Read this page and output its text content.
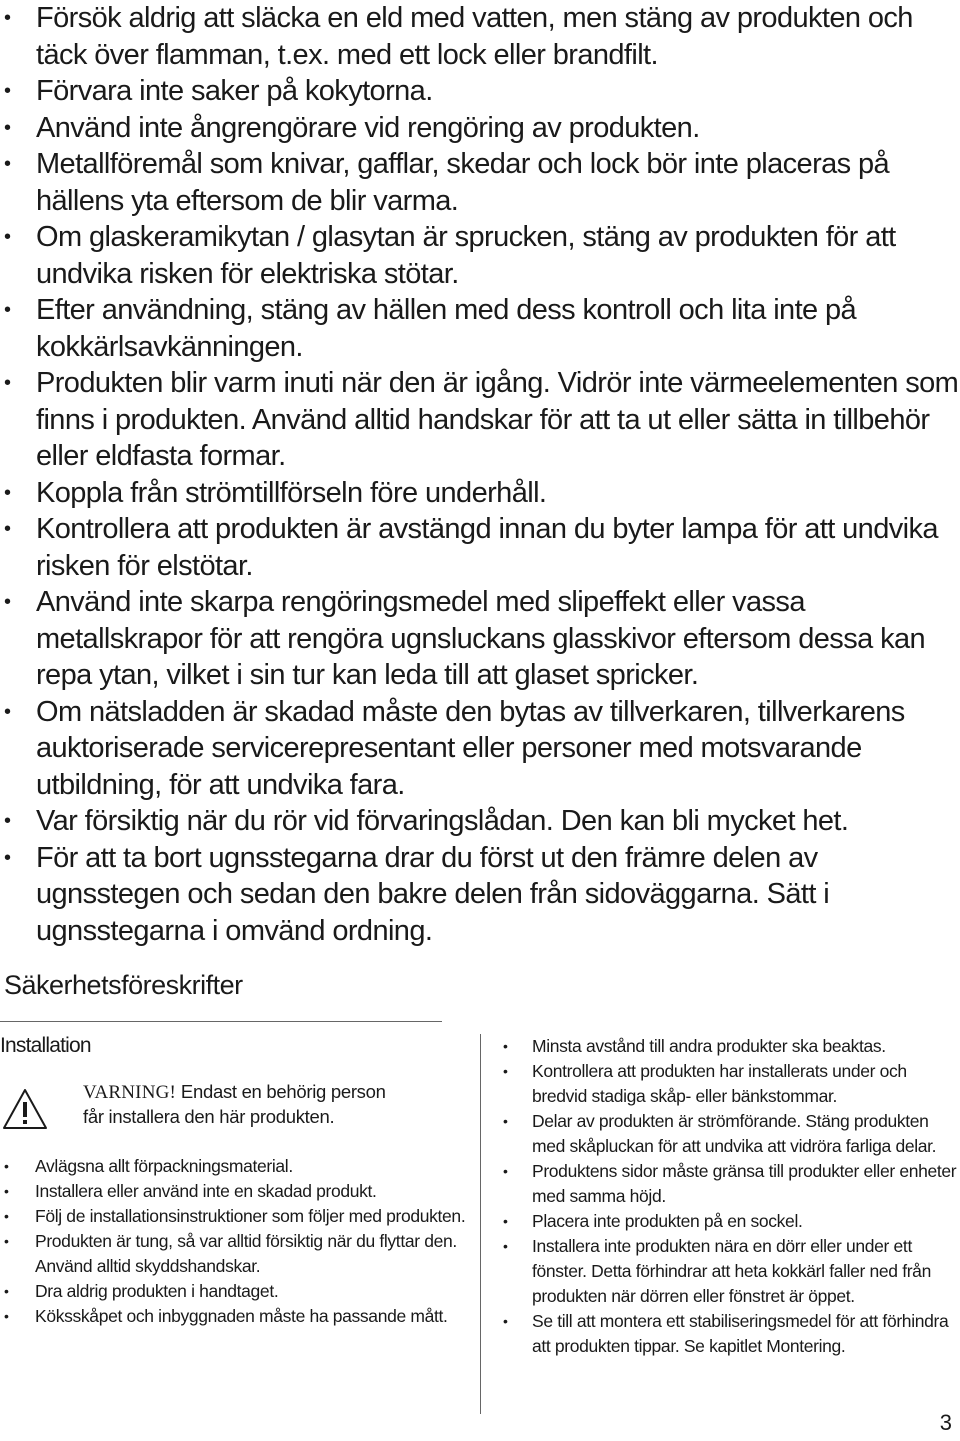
• Försök aldrig att släcka en eld med vatten, men stäng av produkten och täck över flamman, t.ex. med ett lock eller brandfilt.
• Förvara inte saker på kokytorna.
• Använd inte ångrengörare vid rengöring av produkten.
• Metallföremål som knivar, gafflar, skedar och lock bör inte placeras på hällens yta eftersom de blir varma.
• Om glaskeramikytan / glasytan är sprucken, stäng av produkten för att undvika risken för elektriska stötar.
• Efter användning, stäng av hällen med dess kontroll och lita inte på kokkärlsavkänningen.
• Produkten blir varm inuti när den är igång. Vidrör inte värmeelementen som finns i produkten. Använd alltid handskar för att ta ut eller sätta in tillbehör eller eldfasta formar.
• Koppla från strömtillförseln före underhåll.
• Kontrollera att produkten är avstängd innan du byter lampa för att undvika risken för elstötar.
• Använd inte skarpa rengöringsmedel med slipeffekt eller vassa metallskrapor för att rengöra ugnsluckans glasskivor eftersom dessa kan repa ytan, vilket i sin tur kan leda till att glaset spricker.
• Om nätsladden är skadad måste den bytas av tillverkaren, tillverkarens auktoriserade servicerepresentant eller personer med motsvarande utbildning, för att undvika fara.
• Var försiktig när du rör vid förvaringslådan. Den kan bli mycket het.
• För att ta bort ugnsstegarna drar du först ut den främre delen av ugnsstegen och sedan den bakre delen från sidoväggarna. Sätt i ugnsstegarna i omvänd ordning.
Säkerhetsföreskrifter
Installation
VARNING! Endast en behörig person
får installera den här produkten.
• Avlägsna allt förpackningsmaterial.
• Installera eller använd inte en skadad produkt.
• Följ de installationsinstruktioner som följer med produkten.
• Produkten är tung, så var alltid försiktig när du flyttar den. Använd alltid skyddshandskar.
• Dra aldrig produkten i handtaget.
• Köksskåpet och inbyggnaden måste ha passande mått.
• Minsta avstånd till andra produkter ska beaktas.
• Kontrollera att produkten har installerats under och bredvid stadiga skåp- eller bänkstommar.
• Delar av produkten är strömförande. Stäng produkten med skåpluckan för att undvika att vidröra farliga delar.
• Produktens sidor måste gränsa till produkter eller enheter med samma höjd.
• Placera inte produkten på en sockel.
• Installera inte produkten nära en dörr eller under ett fönster. Detta förhindrar att heta kokkärl faller ned från produkten när dörren eller fönstret är öppet.
• Se till att montera ett stabiliseringsmedel för att förhindra att produkten tippar. Se kapitlet Montering.
3
